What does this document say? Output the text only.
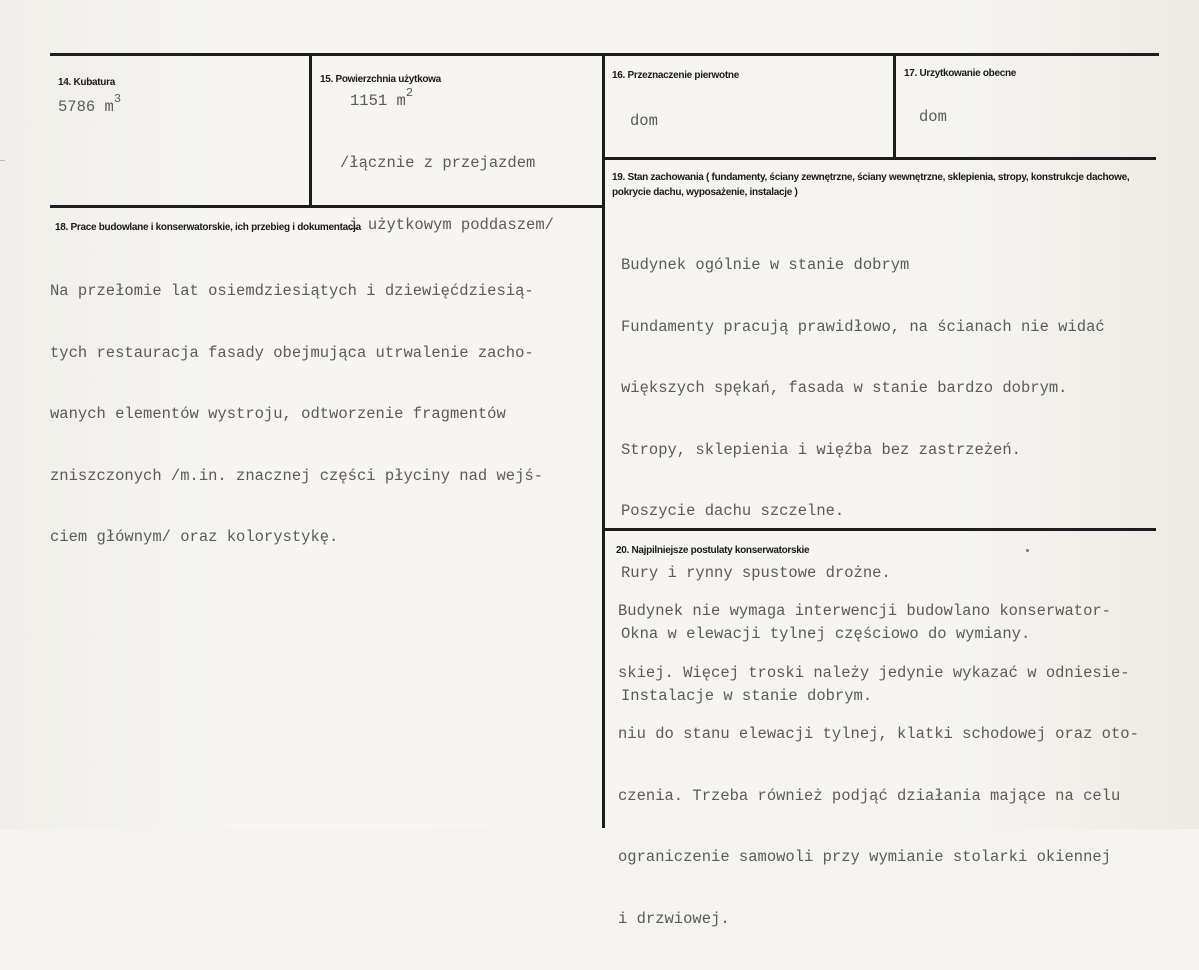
14. Kubatura
5786 $m^3$
15. Powierzchnia użytkowa
1151 $m^2$

/łącznie z przejazdem

i użytkowym poddaszem/

16. Przeznaczenie pierwotne
dom
17. Urzytkowanie obecne
dom
18. Prace budowlane i konserwatorskie, ich przebieg i dokumentacja

Na przełomie lat osiemdziesiątych i dziewięćdziesią-

tych restauracja fasady obejmująca utrwalenie zacho-

wanych elementów wystroju, odtworzenie fragmentów

zniszczonych /m.in. znacznej części płyciny nad wejś-

ciem głównym/ oraz kolorystykę.

19. Stan zachowania ( fundamenty, ściany zewnętrzne, ściany wewnętrzne, sklepienia, stropy, konstrukcje dachowe, pokrycie dachu, wyposażenie, instalacje )

Budynek ogólnie w stanie dobrym

Fundamenty pracują prawidłowo, na ścianach nie widać

większych spękań, fasada w stanie bardzo dobrym.

Stropy, sklepienia i więźba bez zastrzeżeń.

Poszycie dachu szczelne.

Rury i rynny spustowe drożne.

Okna w elewacji tylnej częściowo do wymiany.

Instalacje w stanie dobrym.

20. Najpilniejsze postulaty konserwatorskie

Budynek nie wymaga interwencji budowlano konserwator-

skiej. Więcej troski należy jedynie wykazać w odniesie-

niu do stanu elewacji tylnej, klatki schodowej oraz oto-

czenia. Trzeba również podjąć działania mające na celu

ograniczenie samowoli przy wymianie stolarki okiennej

i drzwiowej.
